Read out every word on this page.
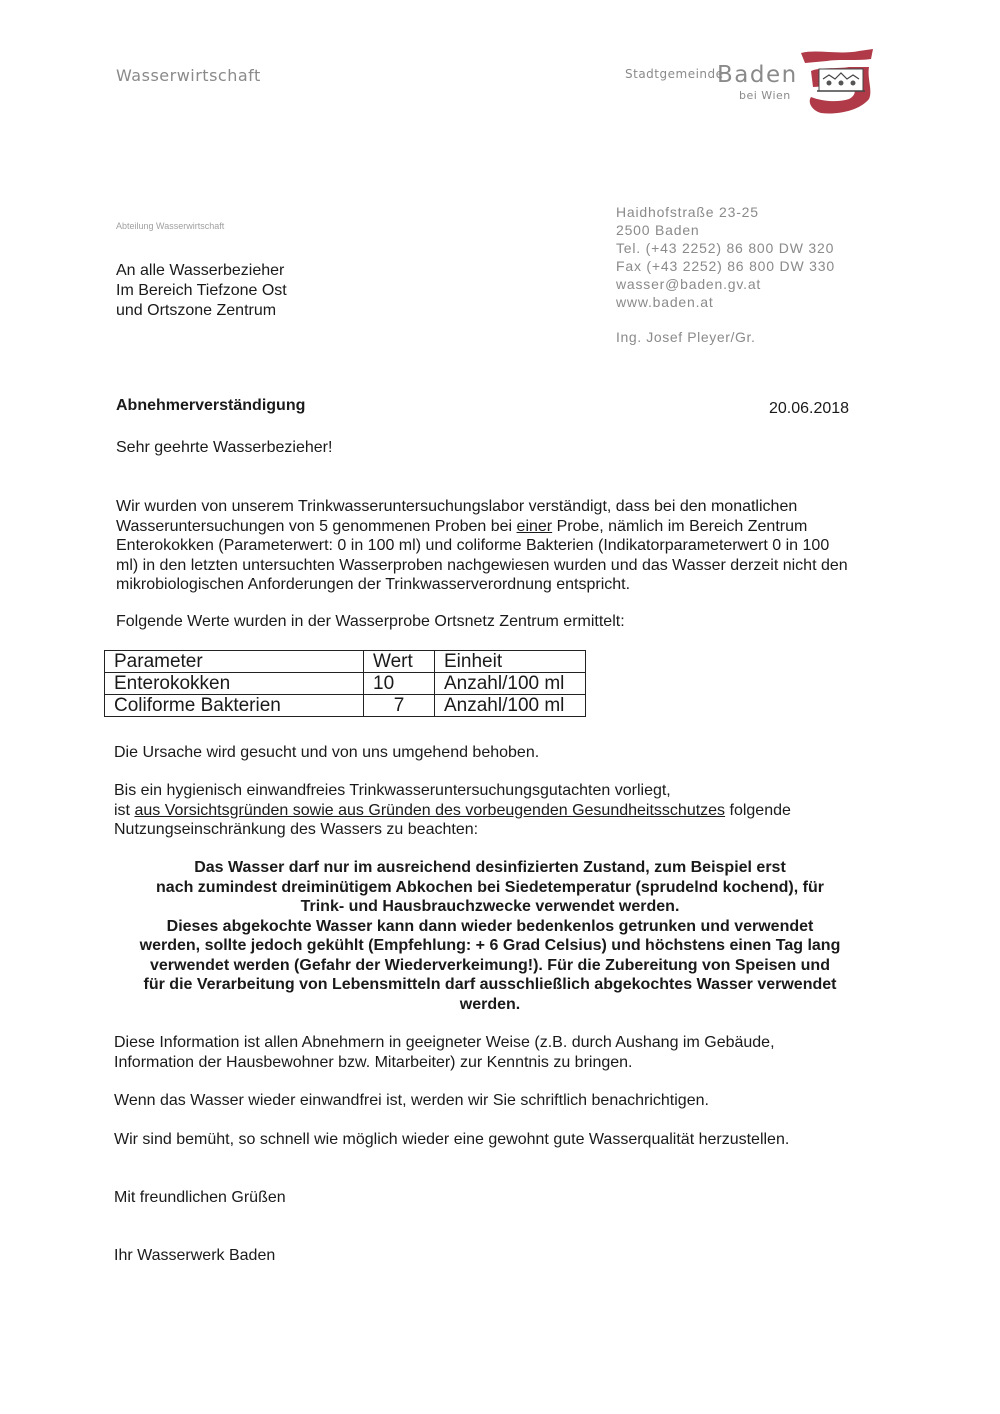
Wasserwirtschaft	Stadtgemeinde
Baden
bei Wien
Abteilung Wasserwirtschaft
An alle Wasserbezieher
Im Bereich Tiefzone Ost
und Ortszone Zentrum
Haidhofstraße 23-25
2500 Baden
Tel. (+43 2252) 86 800 DW 320
Fax (+43 2252) 86 800 DW 330
wasser@baden.gv.at
www.baden.at
Ing. Josef Pleyer/Gr.
Abnehmerverständigung	20.06.2018
Sehr geehrte Wasserbezieher!
Wir wurden von unserem Trinkwasseruntersuchungslabor verständigt, dass bei den monatlichen Wasseruntersuchungen von 5 genommenen Proben bei einer Probe, nämlich im Bereich Zentrum Enterokokken (Parameterwert: 0 in 100 ml) und coliforme Bakterien (Indikatorparameterwert 0 in 100 ml) in den letzten untersuchten Wasserproben nachgewiesen wurden und das Wasser derzeit nicht den mikrobiologischen Anforderungen der Trinkwasserverordnung entspricht.
Folgende Werte wurden in der Wasserprobe Ortsnetz Zentrum ermittelt:
Parameter	Wert	Einheit
Enterokokken	10	Anzahl/100 ml
Coliforme Bakterien	7	Anzahl/100 ml
Die Ursache wird gesucht und von uns umgehend behoben.
Bis ein hygienisch einwandfreies Trinkwasseruntersuchungsgutachten vorliegt,
ist aus Vorsichtsgründen sowie aus Gründen des vorbeugenden Gesundheitsschutzes folgende
Nutzungseinschränkung des Wassers zu beachten:
Das Wasser darf nur im ausreichend desinfizierten Zustand, zum Beispiel erst
nach zumindest dreiminütigem Abkochen bei Siedetemperatur (sprudelnd kochend), für
Trink- und Hausbrauchzwecke verwendet werden.
Dieses abgekochte Wasser kann dann wieder bedenkenlos getrunken und verwendet
werden, sollte jedoch gekühlt (Empfehlung: + 6 Grad Celsius) und höchstens einen Tag lang
verwendet werden (Gefahr der Wiederverkeimung!). Für die Zubereitung von Speisen und
für die Verarbeitung von Lebensmitteln darf ausschließlich abgekochtes Wasser verwendet
werden.
Diese Information ist allen Abnehmern in geeigneter Weise (z.B. durch Aushang im Gebäude, Information der Hausbewohner bzw. Mitarbeiter) zur Kenntnis zu bringen.
Wenn das Wasser wieder einwandfrei ist, werden wir Sie schriftlich benachrichtigen.
Wir sind bemüht, so schnell wie möglich wieder eine gewohnt gute Wasserqualität herzustellen.
Mit freundlichen Grüßen
Ihr Wasserwerk Baden
